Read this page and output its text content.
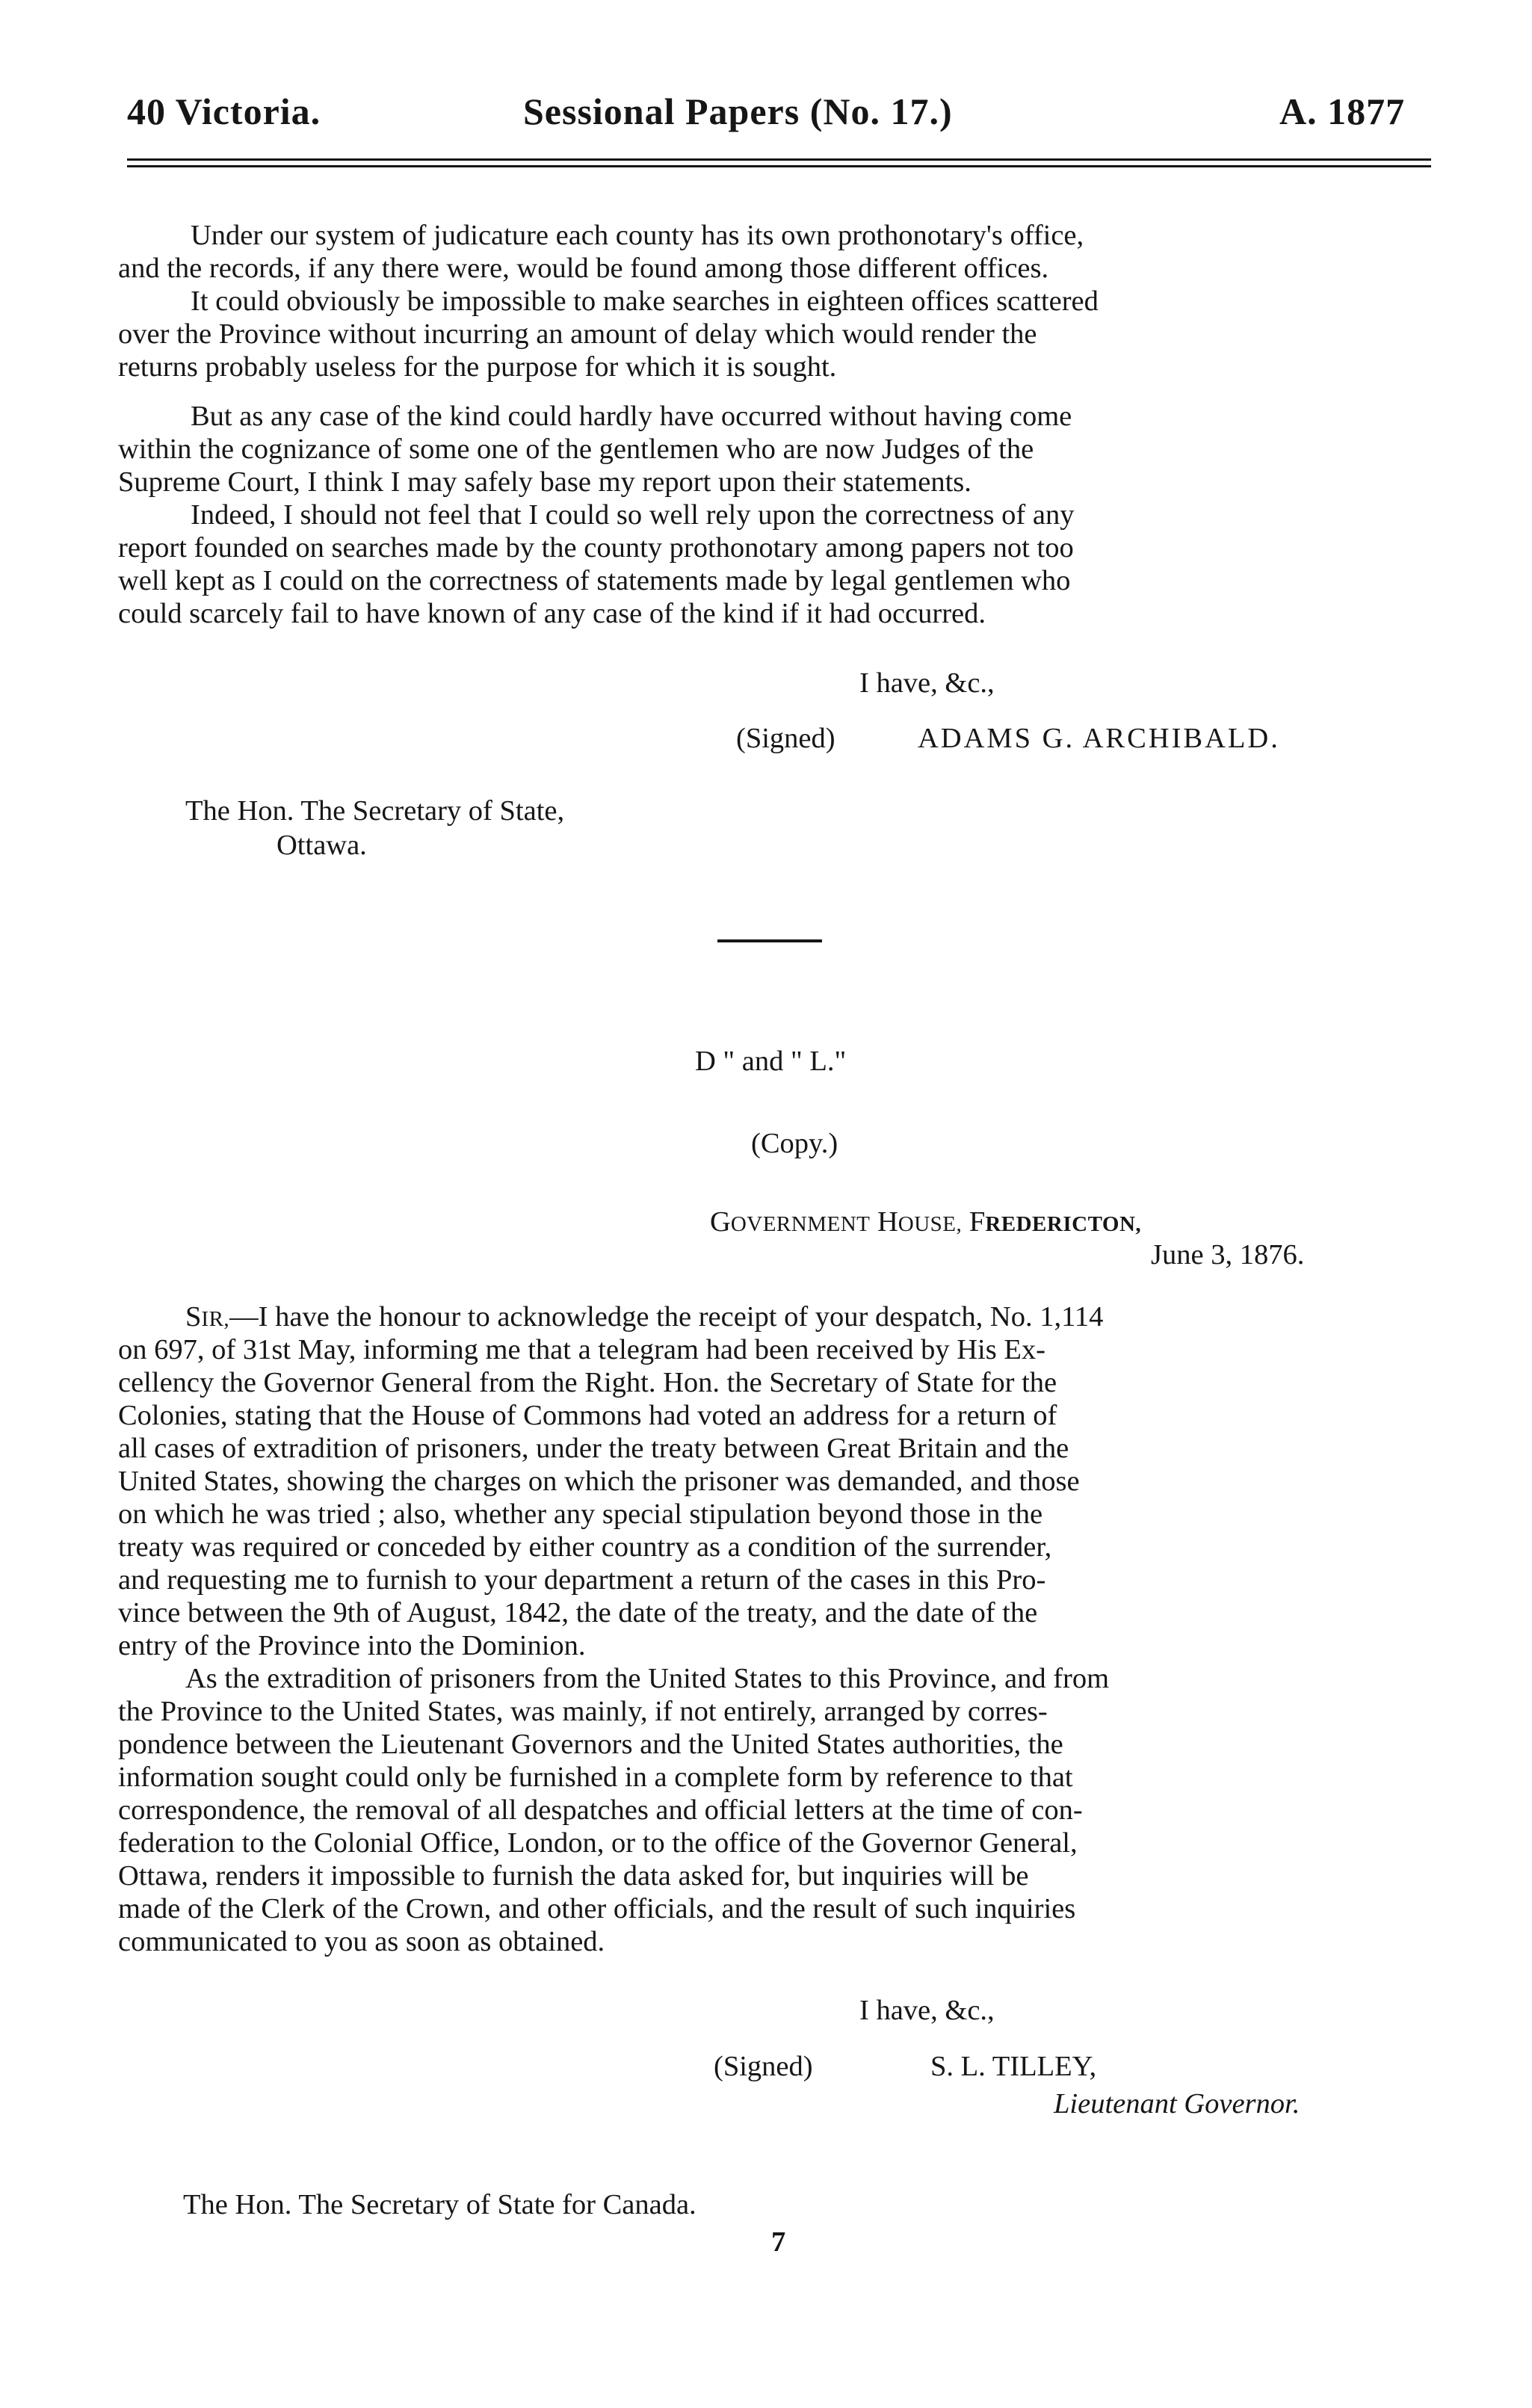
40 Victoria.	Sessional Papers (No. 17.)	A. 1877
Under our system of judicature each county has its own prothonotary's office,
and the records, if any there were, would be found among those different offices.
It could obviously be impossible to make searches in eighteen offices scattered
over the Province without incurring an amount of delay which would render the
returns probably useless for the purpose for which it is sought.
But as any case of the kind could hardly have occurred without having come
within the cognizance of some one of the gentlemen who are now Judges of the
Supreme Court, I think I may safely base my report upon their statements.
Indeed, I should not feel that I could so well rely upon the correctness of any
report founded on searches made by the county prothonotary among papers not too
well kept as I could on the correctness of statements made by legal gentlemen who
could scarcely fail to have known of any case of the kind if it had occurred.
I have, &c.,
(Signed)	ADAMS G. ARCHIBALD.
The Hon. The Secretary of State,
Ottawa.
D " and " L."
(Copy.)
GOVERNMENT HOUSE, FREDERICTON,
June 3, 1876.
SIR,—I have the honour to acknowledge the receipt of your despatch, No. 1,114
on 697, of 31st May, informing me that a telegram had been received by His Ex-
cellency the Governor General from the Right. Hon. the Secretary of State for the
Colonies, stating that the House of Commons had voted an address for a return of
all cases of extradition of prisoners, under the treaty between Great Britain and the
United States, showing the charges on which the prisoner was demanded, and those
on which he was tried ; also, whether any special stipulation beyond those in the
treaty was required or conceded by either country as a condition of the surrender,
and requesting me to furnish to your department a return of the cases in this Pro-
vince between the 9th of August, 1842, the date of the treaty, and the date of the
entry of the Province into the Dominion.
As the extradition of prisoners from the United States to this Province, and from
the Province to the United States, was mainly, if not entirely, arranged by corres-
pondence between the Lieutenant Governors and the United States authorities, the
information sought could only be furnished in a complete form by reference to that
correspondence, the removal of all despatches and official letters at the time of con-
federation to the Colonial Office, London, or to the office of the Governor General,
Ottawa, renders it impossible to furnish the data asked for, but inquiries will be
made of the Clerk of the Crown, and other officials, and the result of such inquiries
communicated to you as soon as obtained.
I have, &c.,
(Signed)	S. L. TILLEY,
Lieutenant Governor.
The Hon. The Secretary of State for Canada.
7
